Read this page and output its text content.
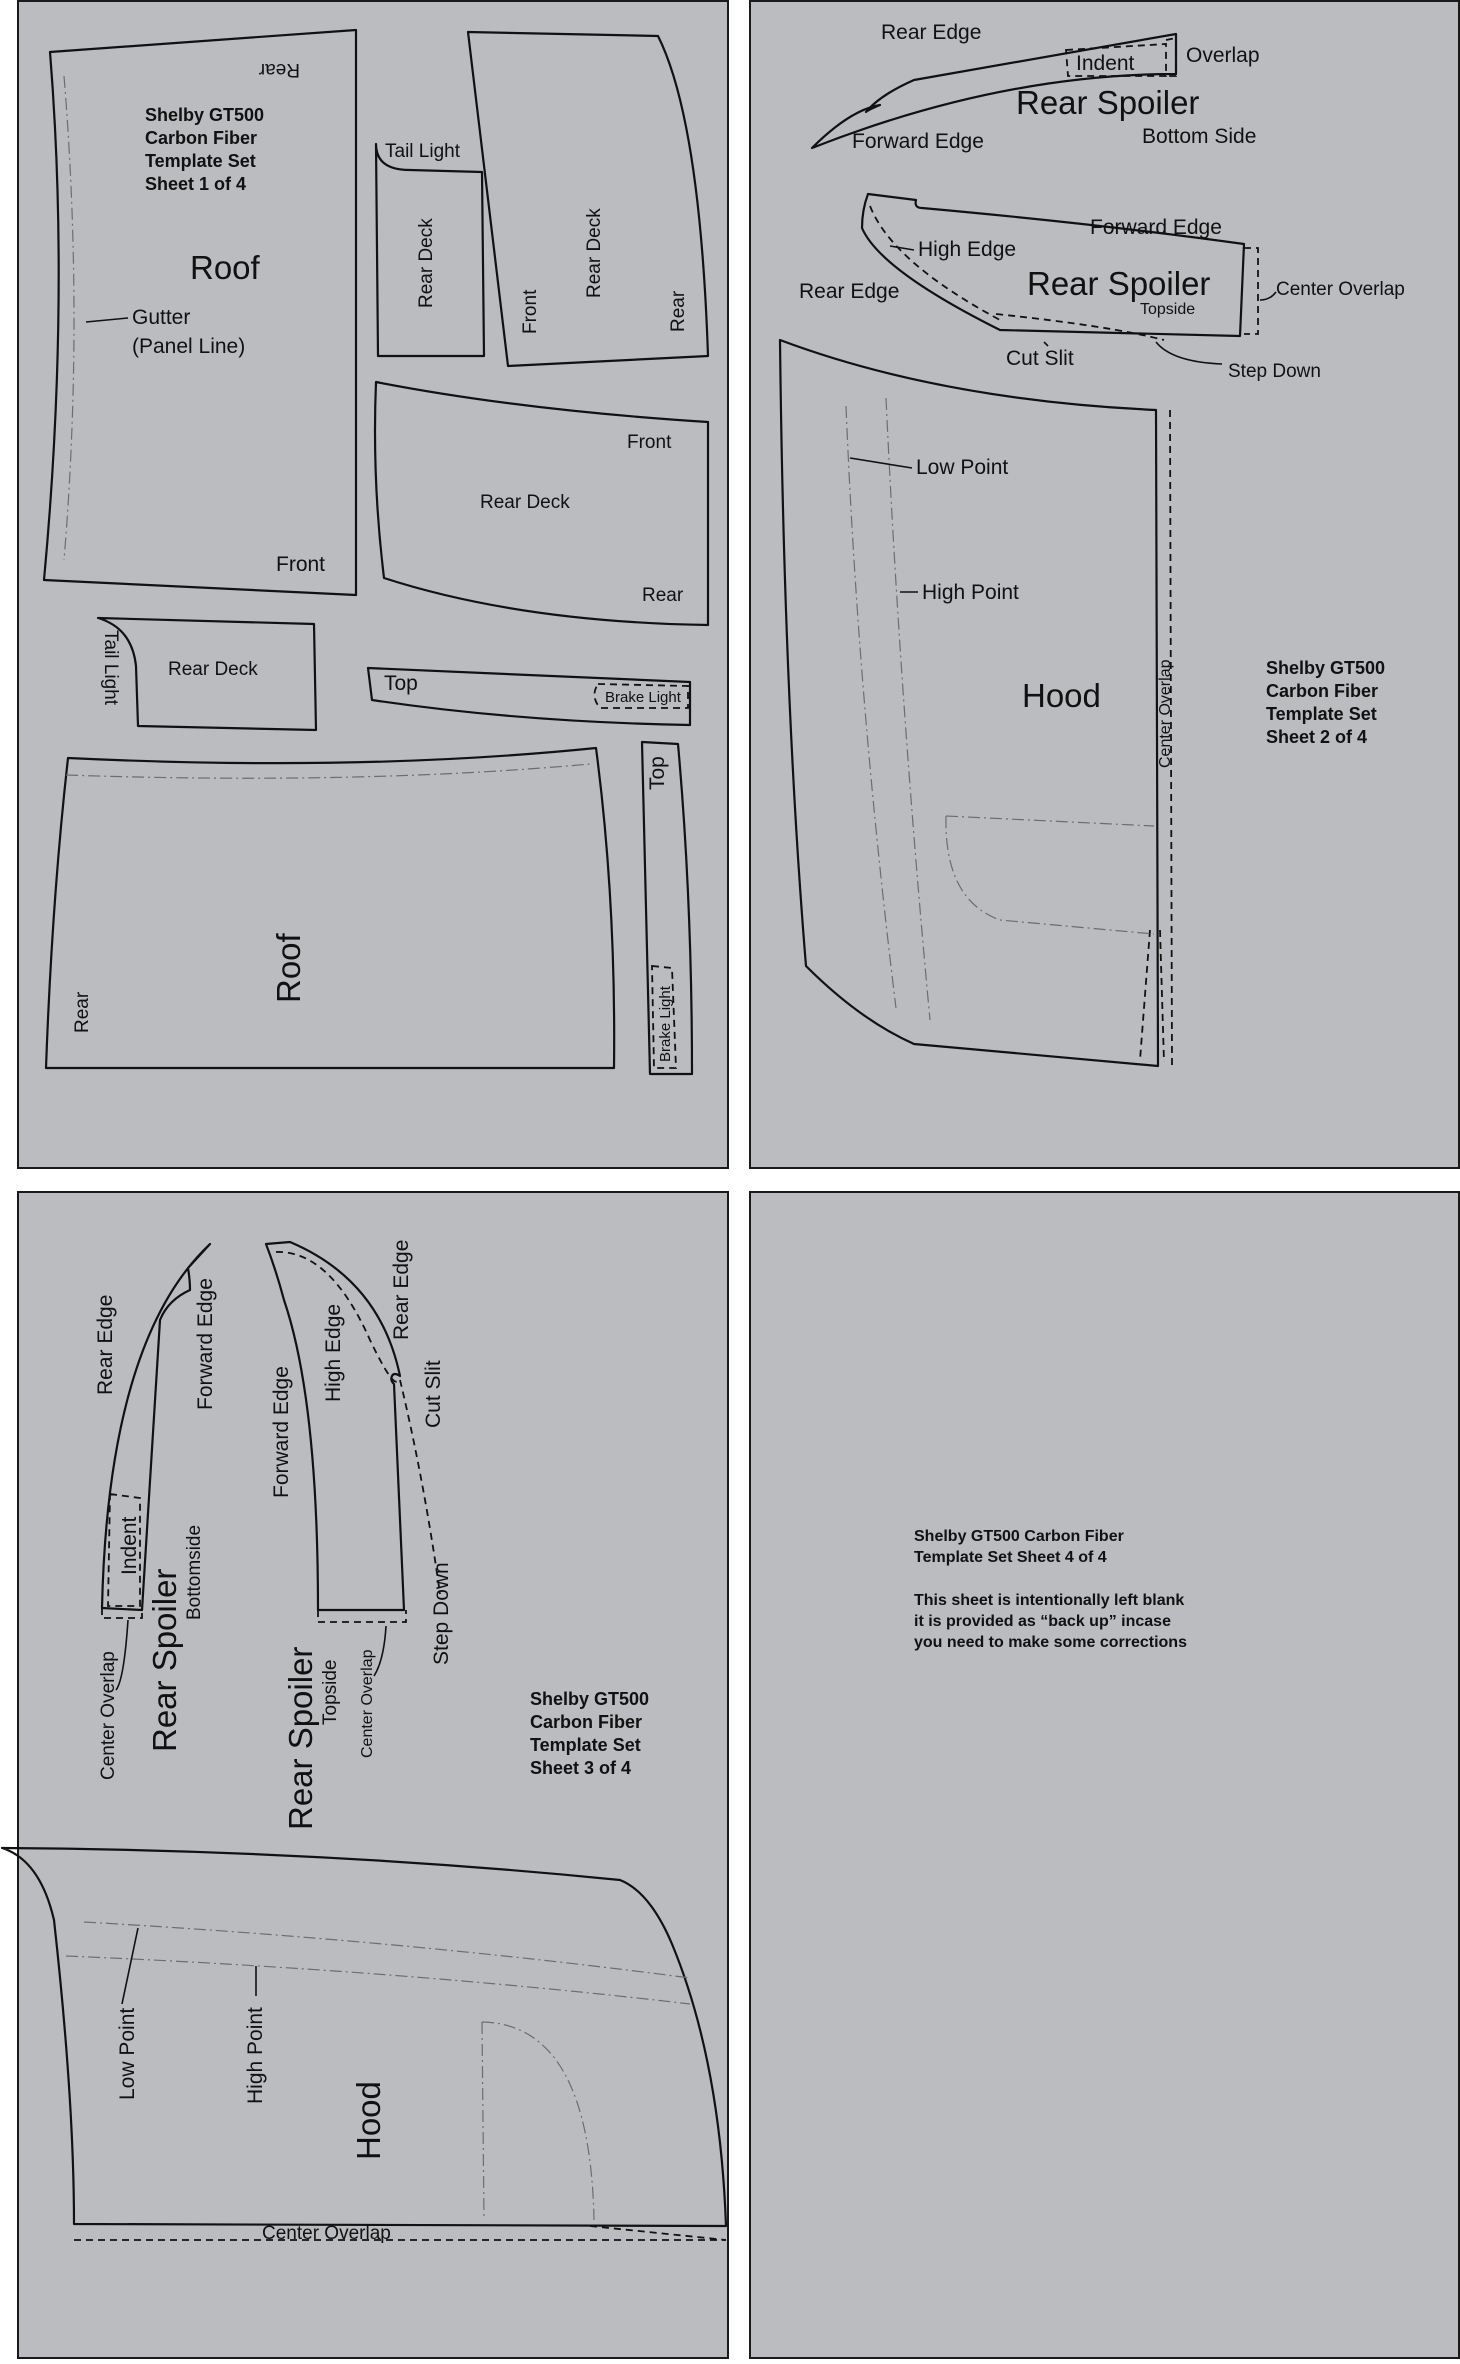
Rear
Shelby GT500
Carbon Fiber
Template Set
Sheet 1 of 4
Roof
Gutter
(Panel Line)
Front
Tail Light
Rear Deck	Rear Deck
Front	Rear
Front
Rear Deck
Rear
Tail Light Rear Deck
Top
Brake Light
Roof
Rear
Top
Brake Light
Rear Edge
Indent Overlap
Rear Spoiler
Forward Edge	Bottom Side
Forward Edge
High Edge
Rear Spoiler
Topside
Rear Edge	Center Overlap
Cut Slit
Step Down
Low Point
High Point
Hood	Center Overlap	Shelby GT500
Carbon Fiber
Template Set
Sheet 2 of 4
Rear Edge	Forward Edge
Indent Bottomside
Rear Spoiler
Center Overlap
Forward Edge
High Edge
Rear Edge
Cut Slit
Rear Spoiler Topside Center Overlap
Step Down
Shelby GT500
Carbon Fiber
Template Set
Sheet 3 of 4
Low Point	High Point
Hood
Center Overlap
Shelby GT500 Carbon Fiber
Template Set Sheet 4 of 4
This sheet is intentionally left blank
it is provided as “back up” incase
you need to make some corrections
